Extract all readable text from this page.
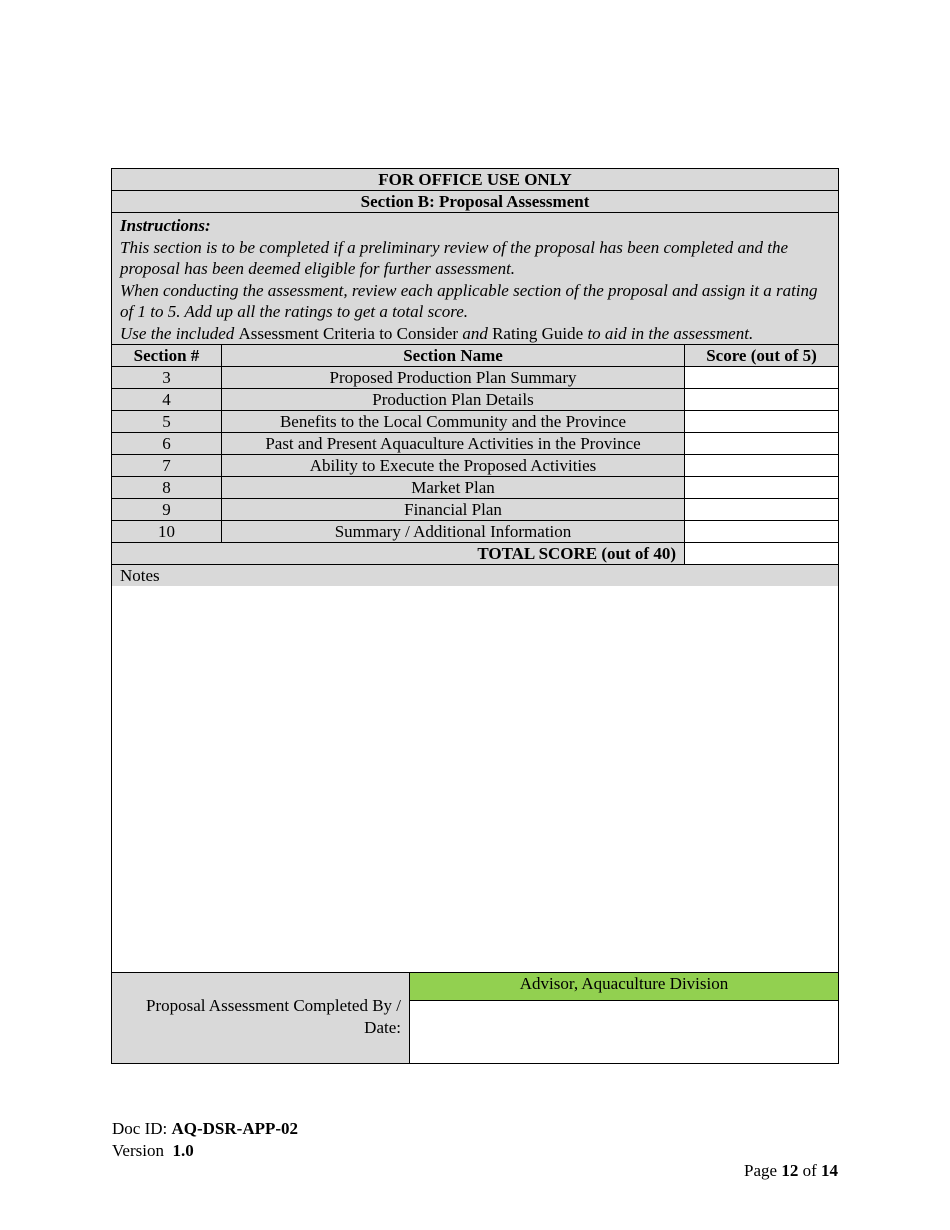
FOR OFFICE USE ONLY		
Section B: Proposal Assessment		

Instructions:
This section is to be completed if a preliminary review of the proposal has been completed and the proposal has been deemed eligible for further assessment.
When conducting the assessment, review each applicable section of the proposal and assign it a rating of 1 to 5. Add up all the ratings to get a total score.
Use the included Assessment Criteria to Consider and Rating Guide to aid in the assessment.		

Section #	Section Name	Score (out of 5)
3	Proposed Production Plan Summary	
4	Production Plan Details	
5	Benefits to the Local Community and the Province	
6	Past and Present Aquaculture Activities in the Province	
7	Ability to Execute the Proposed Activities	
8	Market Plan	
9	Financial Plan	
10	Summary / Additional Information	
TOTAL SCORE (out of 40)		
Notes		

Proposal Assessment Completed By / Date:	Advisor, Aquaculture Division

Doc ID: AQ-DSR-APP-02
Version  1.0
Page 12 of 14
